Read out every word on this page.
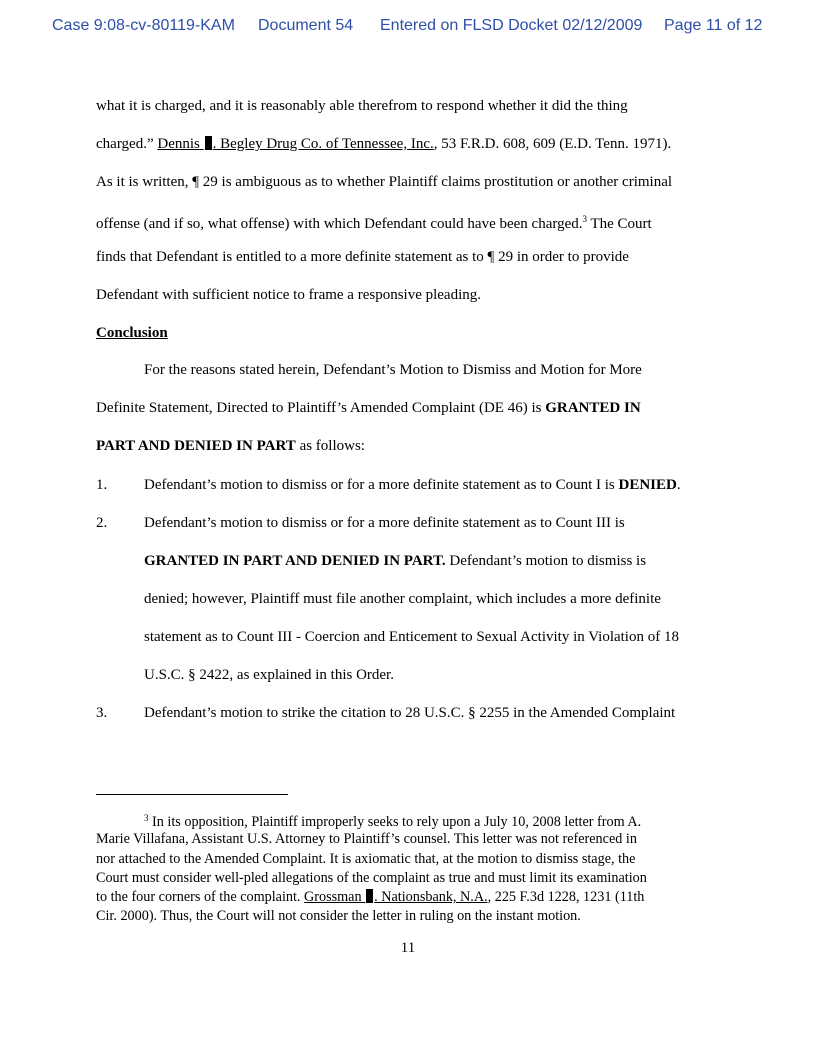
Case 9:08-cv-80119-KAM Document 54 Entered on FLSD Docket 02/12/2009 Page 11 of 12
what it is charged, and it is reasonably able therefrom to respond whether it did the thing
charged.” Dennis . Begley Drug Co. of Tennessee, Inc., 53 F.R.D. 608, 609 (E.D. Tenn. 1971).
As it is written, ¶ 29 is ambiguous as to whether Plaintiff claims prostitution or another criminal
offense (and if so, what offense) with which Defendant could have been charged.$^3$ The Court
finds that Defendant is entitled to a more definite statement as to ¶ 29 in order to provide
Defendant with sufficient notice to frame a responsive pleading.
Conclusion
For the reasons stated herein, Defendant’s Motion to Dismiss and Motion for More
Definite Statement, Directed to Plaintiff’s Amended Complaint (DE 46) is GRANTED IN
PART AND DENIED IN PART as follows:
1. Defendant’s motion to dismiss or for a more definite statement as to Count I is DENIED.
2. Defendant’s motion to dismiss or for a more definite statement as to Count III is
GRANTED IN PART AND DENIED IN PART. Defendant’s motion to dismiss is
denied; however, Plaintiff must file another complaint, which includes a more definite
statement as to Count III - Coercion and Enticement to Sexual Activity in Violation of 18
U.S.C. § 2422, as explained in this Order.
3. Defendant’s motion to strike the citation to 28 U.S.C. § 2255 in the Amended Complaint
$^3$ In its opposition, Plaintiff improperly seeks to rely upon a July 10, 2008 letter from A.
Marie Villafana, Assistant U.S. Attorney to Plaintiff’s counsel. This letter was not referenced in
nor attached to the Amended Complaint. It is axiomatic that, at the motion to dismiss stage, the
Court must consider well-pled allegations of the complaint as true and must limit its examination
to the four corners of the complaint. Grossman . Nationsbank, N.A., 225 F.3d 1228, 1231 (11th
Cir. 2000). Thus, the Court will not consider the letter in ruling on the instant motion.
11
